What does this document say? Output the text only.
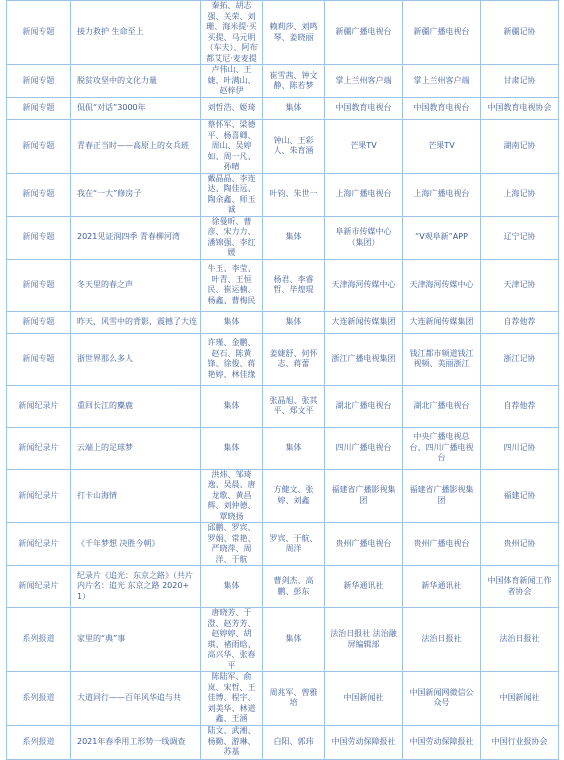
新闻专题	接力救护 生命至上	秦拓、胡志强、关荣、刘珊、海米提·买买提、马元明（车夫）、阿布都艾尼·麦麦提	赖莉莎、刘鸣琴、姜晓丽	新疆广播电视台	新疆广播电视台	新疆记协
新闻专题	脱贫攻坚中的文化力量	卢伟山、王婕、叶满山、赵梓伊	崔雪茜、钟文静、陈若梦	掌上兰州客户端	掌上兰州客户端	甘肃记协
新闻专题	侃侃“对话”3000年	刘哲浩、姬琦	集体	中国教育电视台	中国教育电视台	中国教育电视协会
新闻专题	青春正当时——高原上的女兵班	蔡怀军、梁德平、杨喜卿、周山、吴婷如、周一凡、孙晴	钟山、王彩人、朱育涵	芒果TV	芒果TV	湖南记协
新闻专题	我在“一大”修房子	戴晶晶、李连达、陶佳远、陶余鑫、师玉诚	叶钧、朱世一	上海广播电视台	上海广播电视台	上海记协
新闻专题	2021见证润四季 青春柳河湾	徐曼昕、曹彦、宋力力、潘锦强、李红媛	集体	阜新市传媒中心（集团）	“V观阜新”APP	辽宁记协
新闻专题	冬天里的春之声	牛玉、李莹、叶青、王恒民、崔运楠、杨鑫、曹梅民	杨君、李睿哲、毕煌琨	天津海河传媒中心	天津海河传媒中心	天津记协
新闻专题	昨天，风雪中的背影，震撼了大连	集体	集体	大连新闻传媒集团	大连新闻传媒集团	自荐他荐
新闻专题	浙世界那么多人	许瑾、金鹏、赵石、陈黄锋、徐俊、蒋艳婷、林佳缘	姜婕舒、何怀志、蒋蕾	浙江广播电视集团	钱江都市频道钱江视频、美丽浙江	浙江记协
新闻纪录片	重回长江的麋鹿	集体	张晶旭、张其平、郑文平	湖北广播电视台	湖北广播电视台	自荐他荐
新闻纪录片	云端上的足球梦	集体	集体	四川广播电视台	中央广播电视总台、四川广播电视台	四川记协
新闻纪录片	打卡山海情	洪炜、邹琦逸、吴晨、唐龙歌、黄昌辉、刘仲德、覃晓扬	方健文、张婷、刘鑫	福建省广播影视集团	福建省广播影视集团	福建记协
新闻纪录片	《千年梦想 决胜今朝》	邱鹏、罗宾、罗娟、常艳、严晓萍、周洋、于航	罗宾、于航、周洋	贵州广播电视台	贵州广播电视台	贵州记协
新闻纪录片	纪录片《追光：东京之路》（共片内片名：追光 东京之路 2020+1）	集体	曹剑杰、高鹏、彭东	新华通讯社	新华通讯社	中国体育新闻工作者协会
系列报道	家里的“典”事	唐晓芳、于澄、赵芳芳、赵婷婷、胡琪、褚雨晗、高兴华、张春平	集体	法治日报社 法治融屏编辑部	法治日报社	法治日报社
系列报道	大道同行——百年风华追与共	陈陆军、俞岚、宋哲、王佳博、程宇、刘美华、林道鑫、王涵	周兆军、曾雅培	中国新闻社	中国新闻网微信公众号	中国新闻社
系列报道	2021年春季用工形势一线调查	陆文、武湘、杨勤、游琳、苏基	白阳、郭玮	中国劳动保障报社	中国劳动保障报社	中国行业报协会
